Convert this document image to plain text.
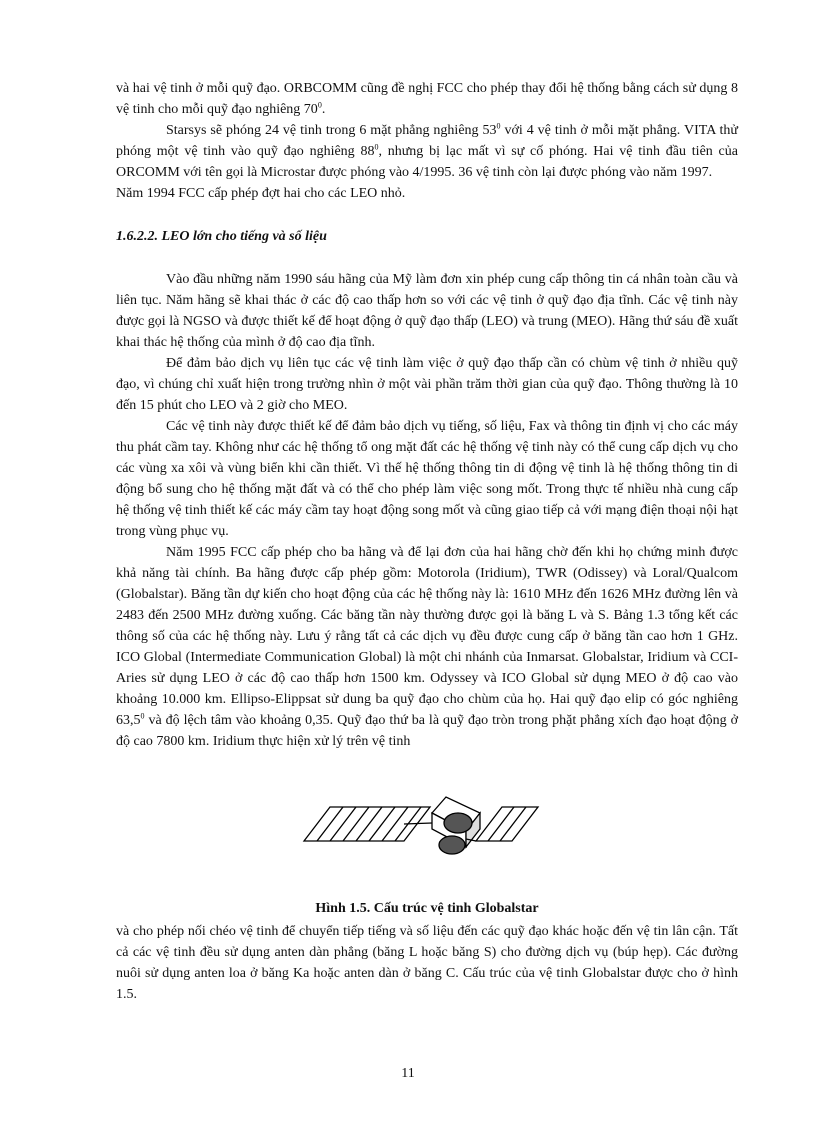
và hai vệ tinh ở mỗi quỹ đạo. ORBCOMM cũng đề nghị FCC cho phép thay đổi hệ thống bằng cách sử dụng 8 vệ tinh cho mỗi quỹ đạo nghiêng $70^0$.

Starsys sẽ phóng 24 vệ tinh trong 6 mặt phẳng nghiêng $53^0$ với 4 vệ tinh ở mỗi mặt phẳng. VITA thử phóng một vệ tinh vào quỹ đạo nghiêng $88^0$, nhưng bị lạc mất vì sự cố phóng. Hai vệ tinh đầu tiên của ORCOMM với tên gọi là Microstar được phóng vào 4/1995. 36 vệ tinh còn lại được phóng vào năm 1997.

Năm 1994 FCC cấp phép đợt hai cho các LEO nhỏ.

1.6.2.2. LEO lớn cho tiếng và số liệu

Vào đầu những năm 1990 sáu hãng của Mỹ làm đơn xin phép cung cấp thông tin cá nhân toàn cầu và liên tục. Năm hãng sẽ khai thác ở các độ cao thấp hơn so với các vệ tinh ở quỹ đạo địa tĩnh. Các vệ tinh này được gọi là NGSO và được thiết kế để hoạt động ở quỹ đạo thấp (LEO) và trung (MEO). Hãng thứ sáu đề xuất khai thác hệ thống của mình ở độ cao địa tĩnh.

Để đảm bảo dịch vụ liên tục các vệ tinh làm việc ở quỹ đạo thấp cần có chùm vệ tinh ở nhiều quỹ đạo, vì chúng chỉ xuất hiện trong trường nhìn ở một vài phần trăm thời gian của quỹ đạo. Thông thường là 10 đến 15 phút cho LEO và 2 giờ cho MEO.

Các vệ tinh này được thiết kế để đảm bảo dịch vụ tiếng, số liệu, Fax và thông tin định vị cho các máy thu phát cầm tay. Không như các hệ thống tổ ong mặt đất các hệ thống vệ tinh này có thể cung cấp dịch vụ cho các vùng xa xôi và vùng biển khi cần thiết. Vì thế hệ thống thông tin di động vệ tinh là hệ thống thông tin di động bổ sung cho hệ thống mặt đất và có thể cho phép làm việc song mốt. Trong thực tế nhiều nhà cung cấp hệ thống vệ tinh thiết kế các máy cầm tay hoạt động song mốt và cũng giao tiếp cả với mạng điện thoại nội hạt trong vùng phục vụ.

Năm 1995 FCC cấp phép cho ba hãng và để lại đơn của hai hãng chờ đến khi họ chứng minh được khả năng tài chính. Ba hãng được cấp phép gồm: Motorola (Iridium), TWR (Odissey) và Loral/Qualcom (Globalstar). Băng tần dự kiến cho hoạt động của các hệ thống này là: 1610 MHz đến 1626 MHz đường lên và 2483 đến 2500 MHz đường xuống. Các băng tần này thường được gọi là băng L và S. Bảng 1.3 tổng kết các thông số của các hệ thống này. Lưu ý rằng tất cả các dịch vụ đều được cung cấp ở băng tần cao hơn 1 GHz. ICO Global (Intermediate Communication Global) là một chi nhánh của Inmarsat. Globalstar, Iridium và CCI-Aries sử dụng LEO ở các độ cao thấp hơn 1500 km. Odyssey và ICO Global sử dụng MEO ở độ cao vào khoảng 10.000 km. Ellipso-Elippsat sử dung ba quỹ đạo cho chùm của họ. Hai quỹ đạo elip có góc nghiêng 63,5$^0$ và độ lệch tâm vào khoảng 0,35. Quỹ đạo thứ ba là quỹ đạo tròn trong phặt phẳng xích đạo hoạt động ở độ cao 7800 km. Iridium thực hiện xử lý trên vệ tinh

Hình 1.5. Cấu trúc vệ tinh Globalstar

và cho phép nối chéo vệ tinh để chuyển tiếp tiếng và số liệu đến các quỹ đạo khác hoặc đến vệ tin lân cận. Tất cả các vệ tinh đều sử dụng anten dàn phẳng (băng L hoặc băng S) cho đường dịch vụ (búp hẹp). Các đường nuôi sử dụng anten loa ở băng Ka hoặc anten dàn ở băng C. Cấu trúc của vệ tinh Globalstar được cho ở hình 1.5.

11
